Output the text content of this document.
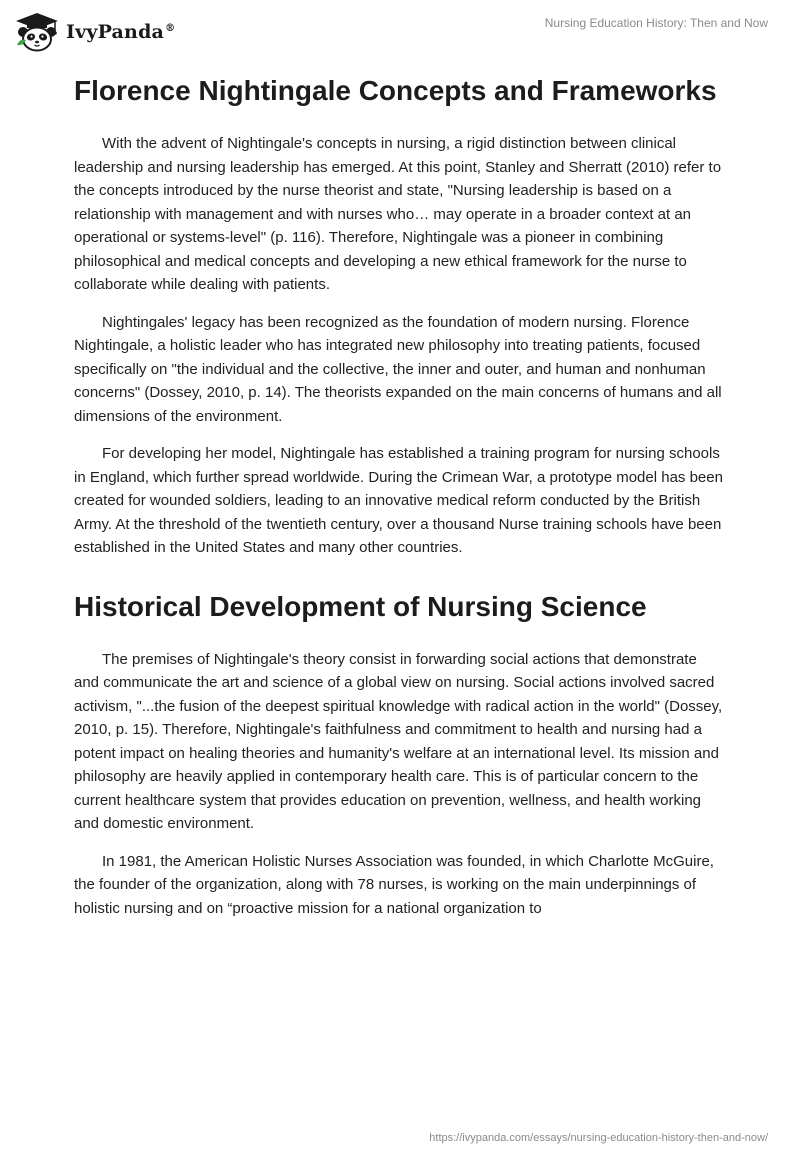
IvyPanda®	Nursing Education History: Then and Now
Florence Nightingale Concepts and Frameworks

With the advent of Nightingale's concepts in nursing, a rigid distinction between clinical leadership and nursing leadership has emerged. At this point, Stanley and Sherratt (2010) refer to the concepts introduced by the nurse theorist and state, "Nursing leadership is based on a relationship with management and with nurses who… may operate in a broader context at an operational or systems-level" (p. 116). Therefore, Nightingale was a pioneer in combining philosophical and medical concepts and developing a new ethical framework for the nurse to collaborate while dealing with patients.

Nightingales' legacy has been recognized as the foundation of modern nursing. Florence Nightingale, a holistic leader who has integrated new philosophy into treating patients, focused specifically on "the individual and the collective, the inner and outer, and human and nonhuman concerns" (Dossey, 2010, p. 14). The theorists expanded on the main concerns of humans and all dimensions of the environment.

For developing her model, Nightingale has established a training program for nursing schools in England, which further spread worldwide. During the Crimean War, a prototype model has been created for wounded soldiers, leading to an innovative medical reform conducted by the British Army. At the threshold of the twentieth century, over a thousand Nurse training schools have been established in the United States and many other countries.

Historical Development of Nursing Science

The premises of Nightingale's theory consist in forwarding social actions that demonstrate and communicate the art and science of a global view on nursing. Social actions involved sacred activism, "...the fusion of the deepest spiritual knowledge with radical action in the world" (Dossey, 2010, p. 15). Therefore, Nightingale's faithfulness and commitment to health and nursing had a potent impact on healing theories and humanity's welfare at an international level. Its mission and philosophy are heavily applied in contemporary health care. This is of particular concern to the current healthcare system that provides education on prevention, wellness, and health working and domestic environment.

In 1981, the American Holistic Nurses Association was founded, in which Charlotte McGuire, the founder of the organization, along with 78 nurses, is working on the main underpinnings of holistic nursing and on “proactive mission for a national organization to

https://ivypanda.com/essays/nursing-education-history-then-and-now/
